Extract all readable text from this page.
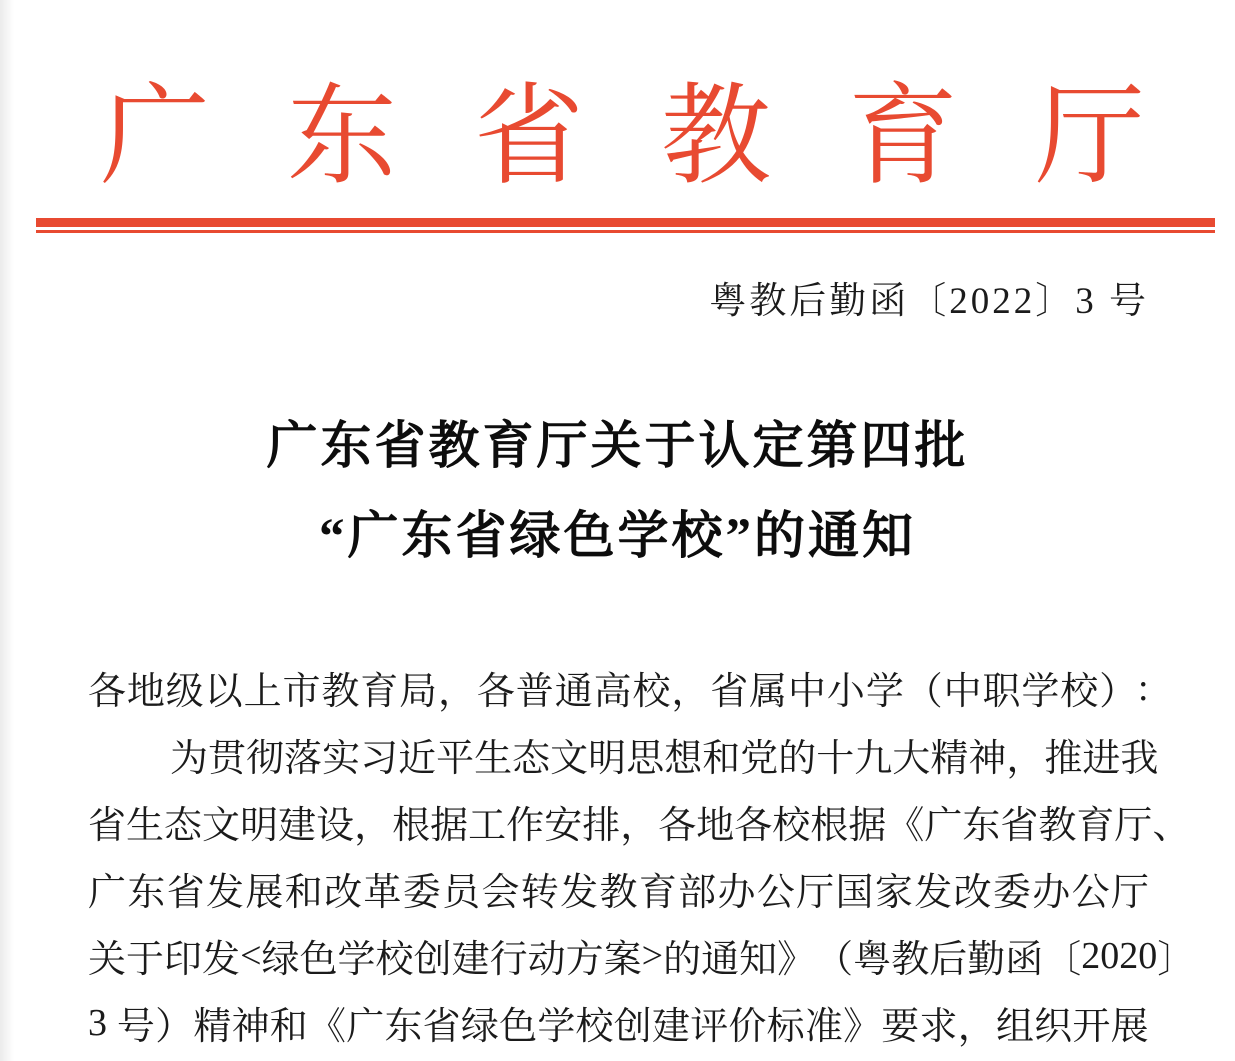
广 东 省 教 育 厅
粤教后勤函〔2022〕3 号
广东省教育厅关于认定第四批
“广东省绿色学校”的通知
各 地 级 以 上 市 教 育 局 ， 各 普 通 高 校 ， 省 属 中 小 学 （ 中 职 学 校 ） :
为 贯 彻 落 实 习 近 平 生 态 文 明 思 想 和 党 的 十 九 大 精 神 ， 推 进 我
省 生 态 文 明 建 设 ， 根 据 工 作 安 排 ， 各 地 各 校 根 据 《 广 东 省 教 育 厅 、
广 东 省 发 展 和 改 革 委 员 会 转 发 教 育 部 办 公 厅 国 家 发 改 委 办 公 厅
关 于 印 发 < 绿 色 学 校 创 建 行 动 方 案 > 的 通 知 》 （ 粤 教 后 勤 函 〔 2 0 2 0 〕
3
号 ） 精 神 和 《 广 东 省 绿 色 学 校 创 建 评 价 标 准 》 要 求 ， 组 织 开 展
